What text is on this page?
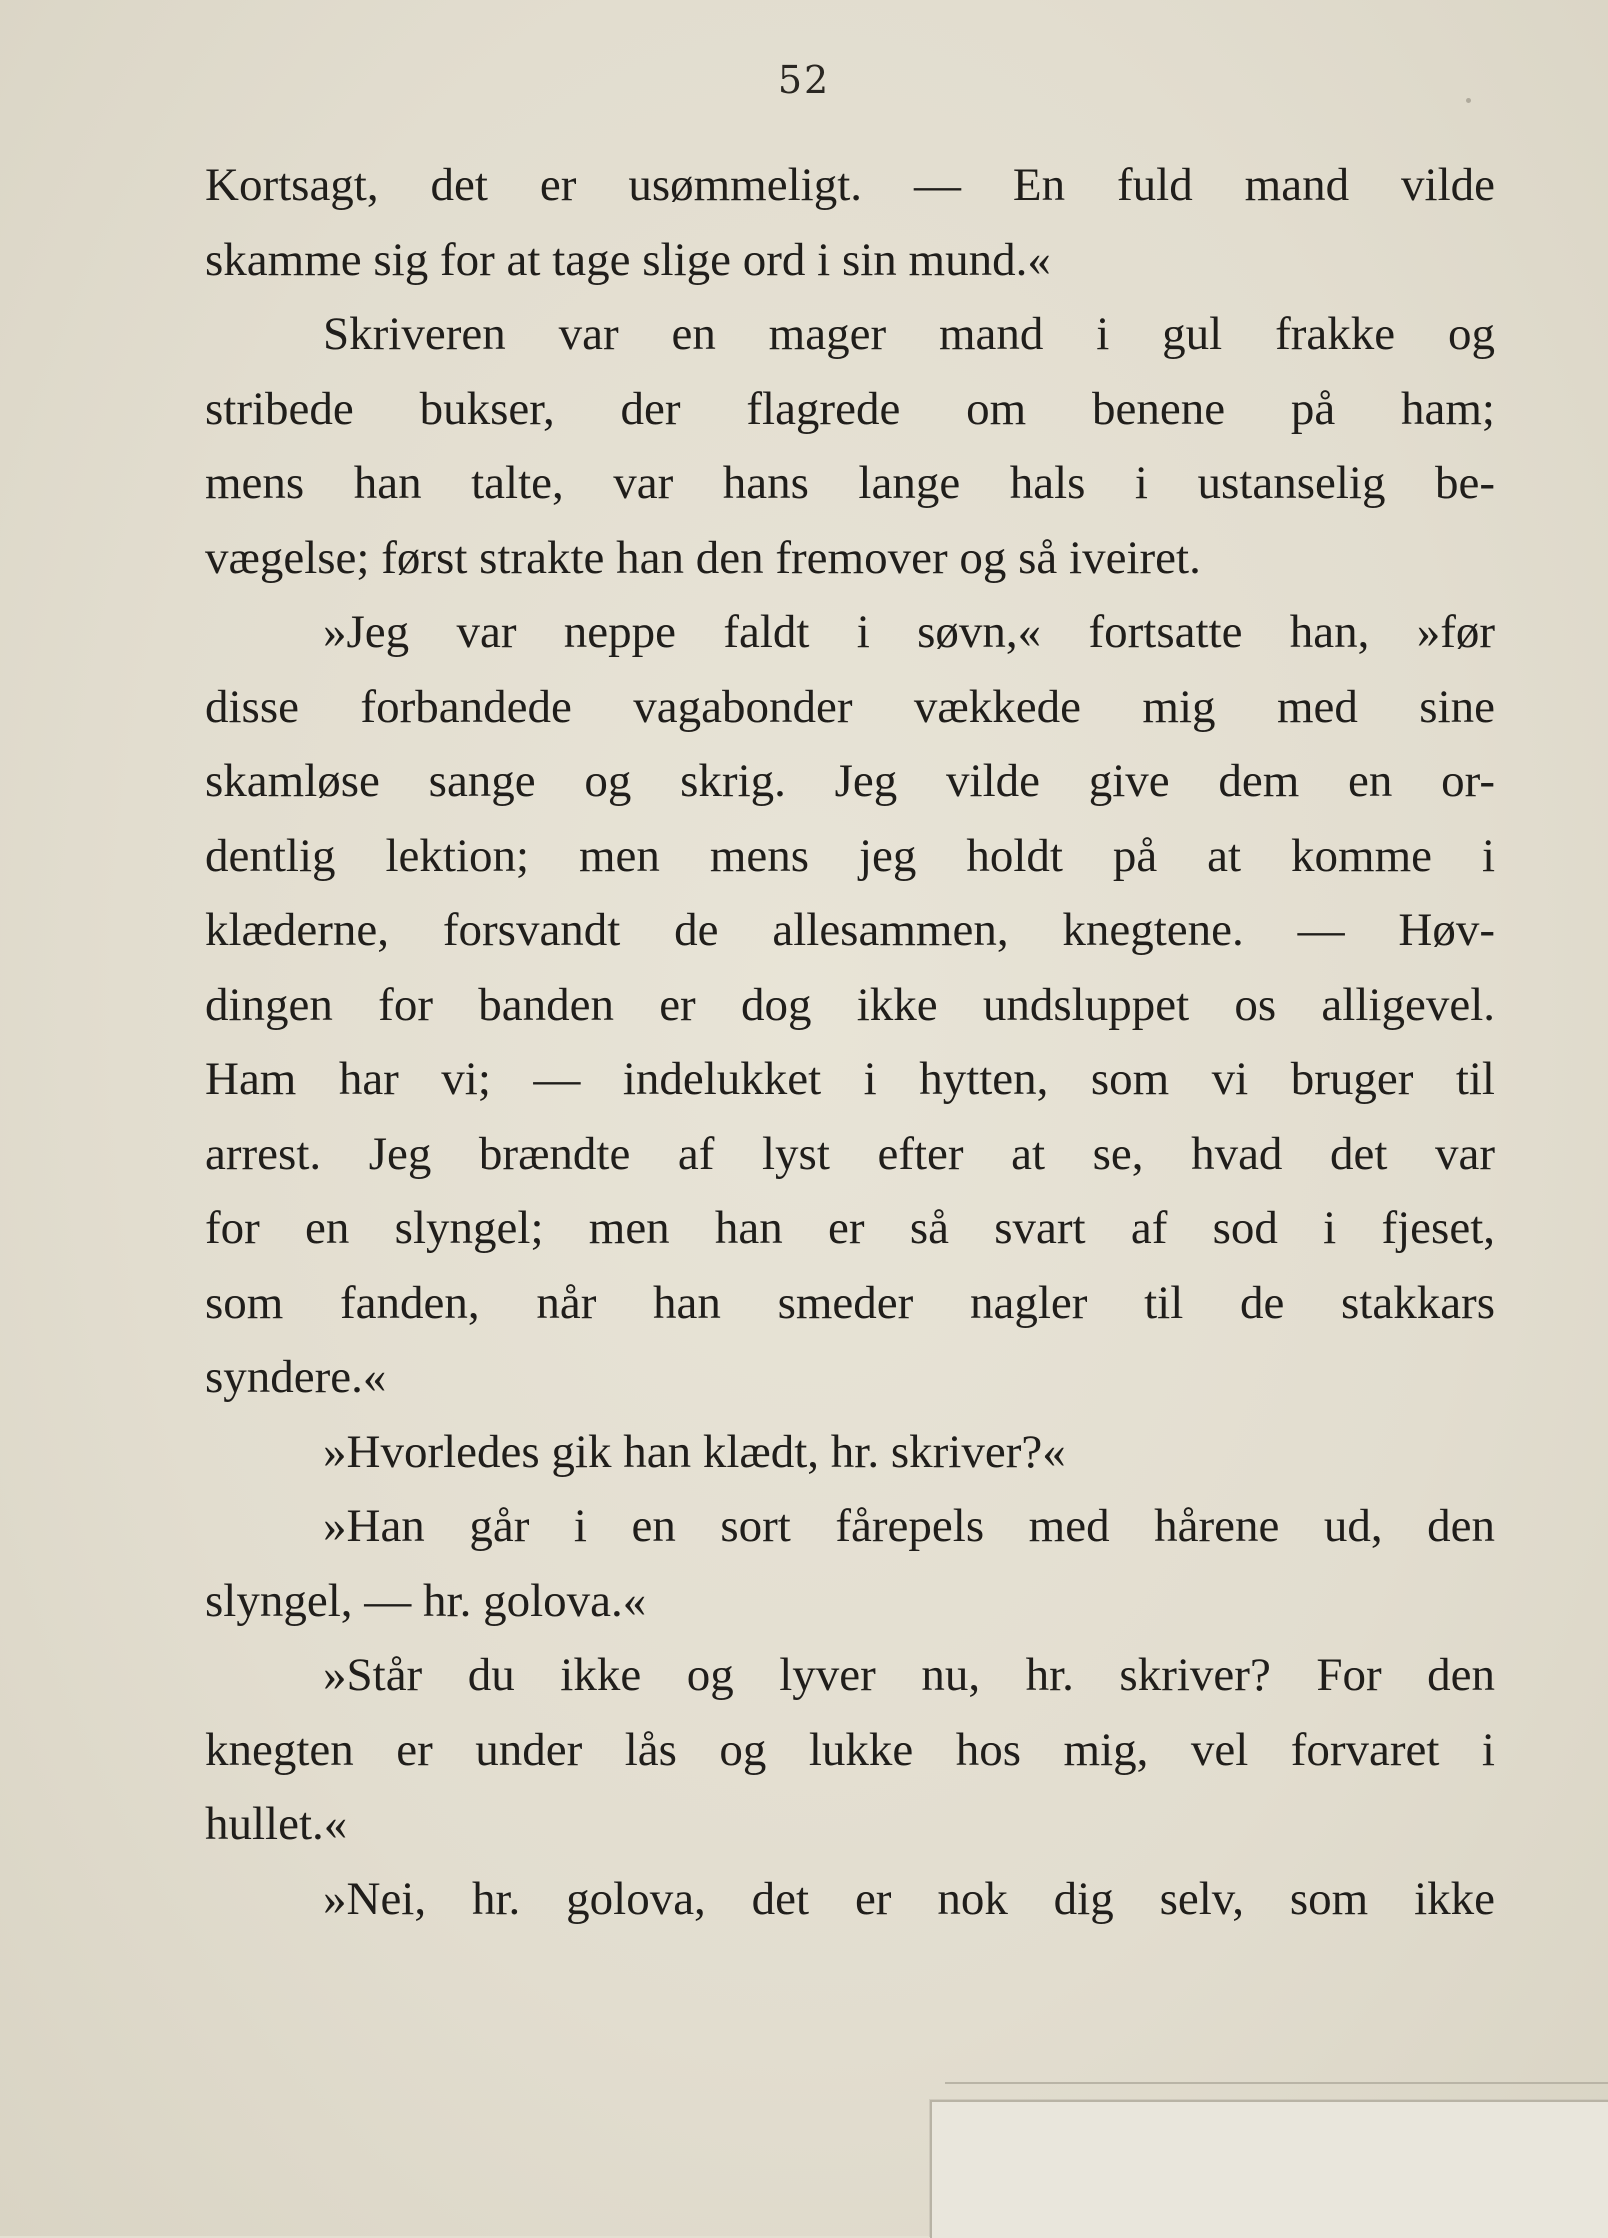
52
Kortsagt, det er usømmeligt. — En fuld mand vilde
skamme sig for at tage slige ord i sin mund.«
Skriveren var en mager mand i gul frakke og
stribede bukser, der flagrede om benene på ham;
mens han talte, var hans lange hals i ustanselig be-
vægelse; først strakte han den fremover og så iveiret.
»Jeg var neppe faldt i søvn,« fortsatte han, »før
disse forbandede vagabonder vækkede mig med sine
skamløse sange og skrig. Jeg vilde give dem en or-
dentlig lektion; men mens jeg holdt på at komme i
klæderne, forsvandt de allesammen, knegtene. — Høv-
dingen for banden er dog ikke undsluppet os alligevel.
Ham har vi; — indelukket i hytten, som vi bruger til
arrest. Jeg brændte af lyst efter at se, hvad det var
for en slyngel; men han er så svart af sod i fjeset,
som fanden, når han smeder nagler til de stakkars
syndere.«
»Hvorledes gik han klædt, hr. skriver?«
»Han går i en sort fårepels med hårene ud, den
slyngel, — hr. golova.«
»Står du ikke og lyver nu, hr. skriver? For den
knegten er under lås og lukke hos mig, vel forvaret i
hullet.«
»Nei, hr. golova, det er nok dig selv, som ikke
